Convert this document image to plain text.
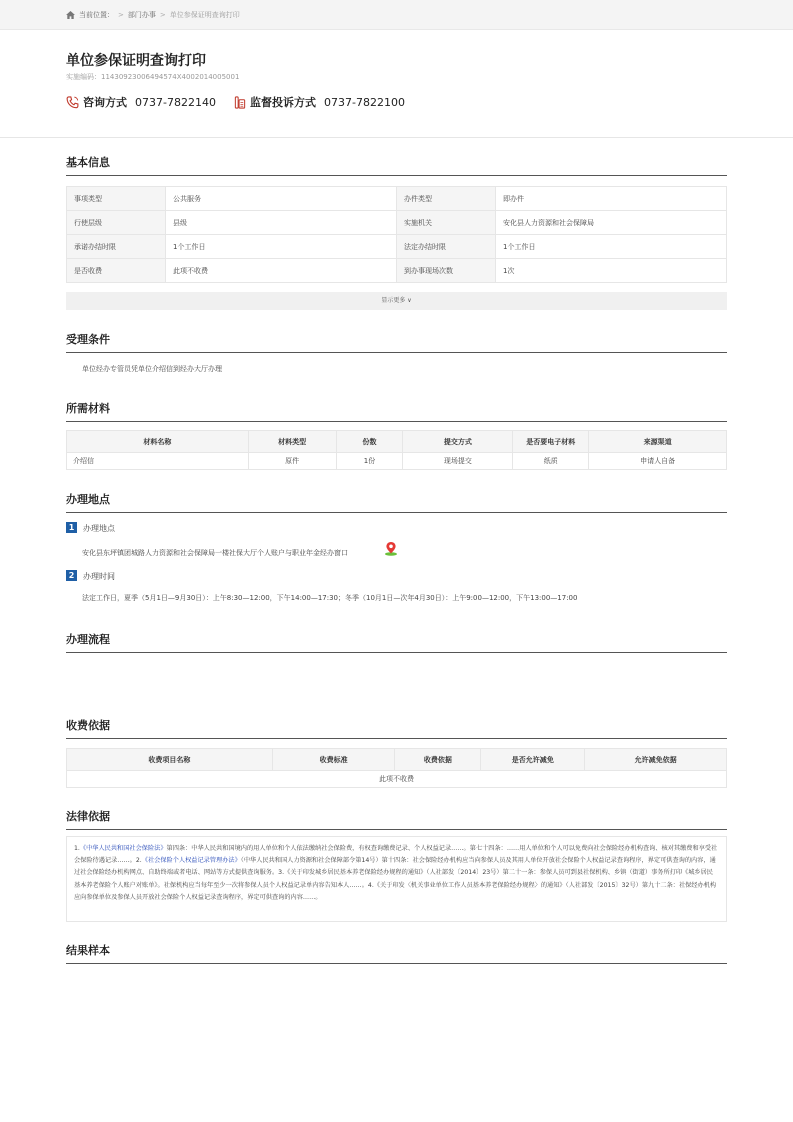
当前位置： > 部门办事 > 单位参保证明查询打印
单位参保证明查询打印
实施编码：11430923006494574X4002014005001
咨询方式 0737-7822140	监督投诉方式 0737-7822100
基本信息
事项类型	公共服务	办件类型	即办件
行使层级	县级	实施机关	安化县人力资源和社会保障局
承诺办结时限	1个工作日	法定办结时限	1个工作日
是否收费	此项不收费	到办事现场次数	1次
显示更多 ∨
受理条件
单位经办专管员凭单位介绍信到经办大厅办理
所需材料
材料名称	材料类型	份数	提交方式	是否要电子材料	来源渠道
介绍信	原件	1份	现场提交	纸质	申请人自备
办理地点
1	办理地点
安化县东坪镇团城路人力资源和社会保障局一楼社保大厅个人账户与职业年金经办窗口
2	办理时间
法定工作日，夏季（5月1日—9月30日）：上午8:30—12:00，下午14:00—17:30；冬季（10月1日—次年4月30日）：上午9:00—12:00，下午13:00—17:00
办理流程
收费依据
收费项目名称	收费标准	收费依据	是否允许减免	允许减免依据
此项不收费
法律依据
1.《中华人民共和国社会保险法》第四条：中华人民共和国境内的用人单位和个人依法缴纳社会保险费，有权查询缴费记录、个人权益记录……。第七十四条：……用人单位和个人可以免费向社会保险经办机构查询、核对其缴费和享受社会保险待遇记录……。2.《社会保险个人权益记录管理办法》（中华人民共和国人力资源和社会保障部令第14号）第十四条：社会保险经办机构应当向参保人员及其用人单位开放社会保险个人权益记录查询程序，界定可供查询的内容，通过社会保险经办机构网点、自助终端或者电话、网站等方式提供查询服务。3.《关于印发城乡居民基本养老保险经办规程的通知》（人社部发〔2014〕23号）第二十一条：参保人员可到县社保机构、乡镇（街道）事务所打印《城乡居民基本养老保险个人账户对账单》。社保机构应当每年至少一次将参保人员个人权益记录单内容告知本人……。4.《关于印发〈机关事业单位工作人员基本养老保险经办规程〉的通知》（人社部发〔2015〕32号）第九十二条：社保经办机构应向参保单位及参保人员开放社会保险个人权益记录查询程序，界定可供查询的内容……。
结果样本
